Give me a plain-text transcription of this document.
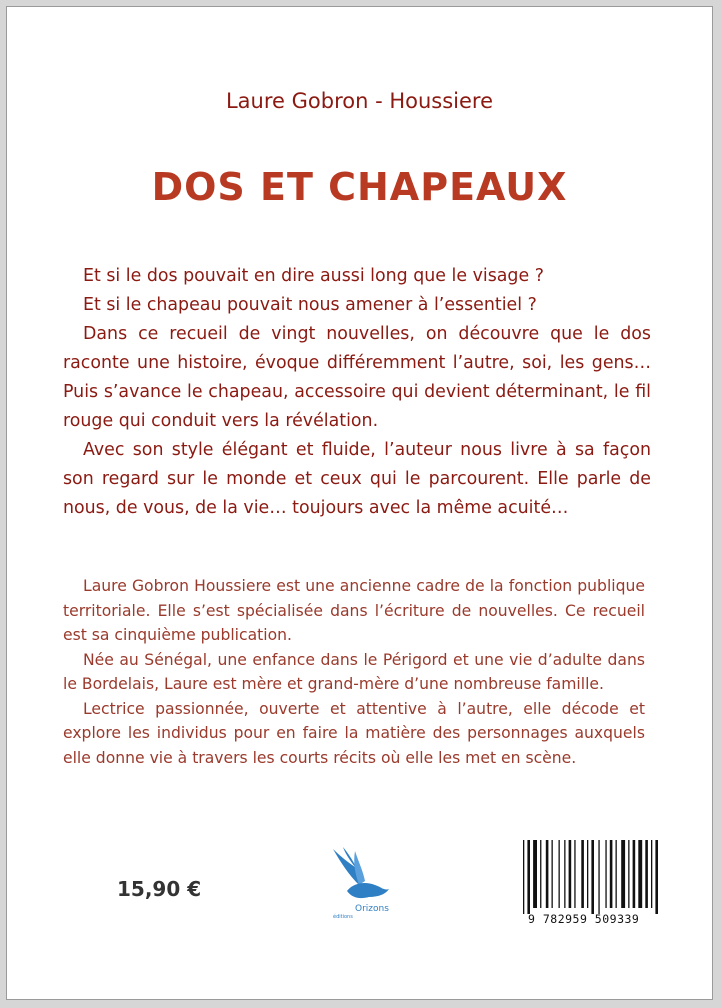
Laure Gobron - Houssiere
DOS ET CHAPEAUX

Et si le dos pouvait en dire aussi long que le visage ?

Et si le chapeau pouvait nous amener à l’essentiel ?

Dans ce recueil de vingt nouvelles, on découvre que le dos raconte une histoire, évoque différemment l’autre, soi, les gens… Puis s’avance le chapeau, accessoire qui devient déterminant, le fil rouge qui conduit vers la révélation.

Avec son style élégant et fluide, l’auteur nous livre à sa façon son regard sur le monde et ceux qui le parcourent. Elle parle de nous, de vous, de la vie… toujours avec la même acuité…

Laure Gobron Houssiere est une ancienne cadre de la fonction publique territoriale. Elle s’est spécialisée dans l’écriture de nouvelles. Ce recueil est sa cinquième publication.

Née au Sénégal, une enfance dans le Périgord et une vie d’adulte dans le Bordelais, Laure est mère et grand-mère d’une nombreuse famille.

Lectrice passionnée, ouverte et attentive à l’autre, elle décode et explore les individus pour en faire la matière des personnages auxquels elle donne vie à travers les courts récits où elle les met en scène.

15,90 €
Orizons
éditions	9 782959 509339
